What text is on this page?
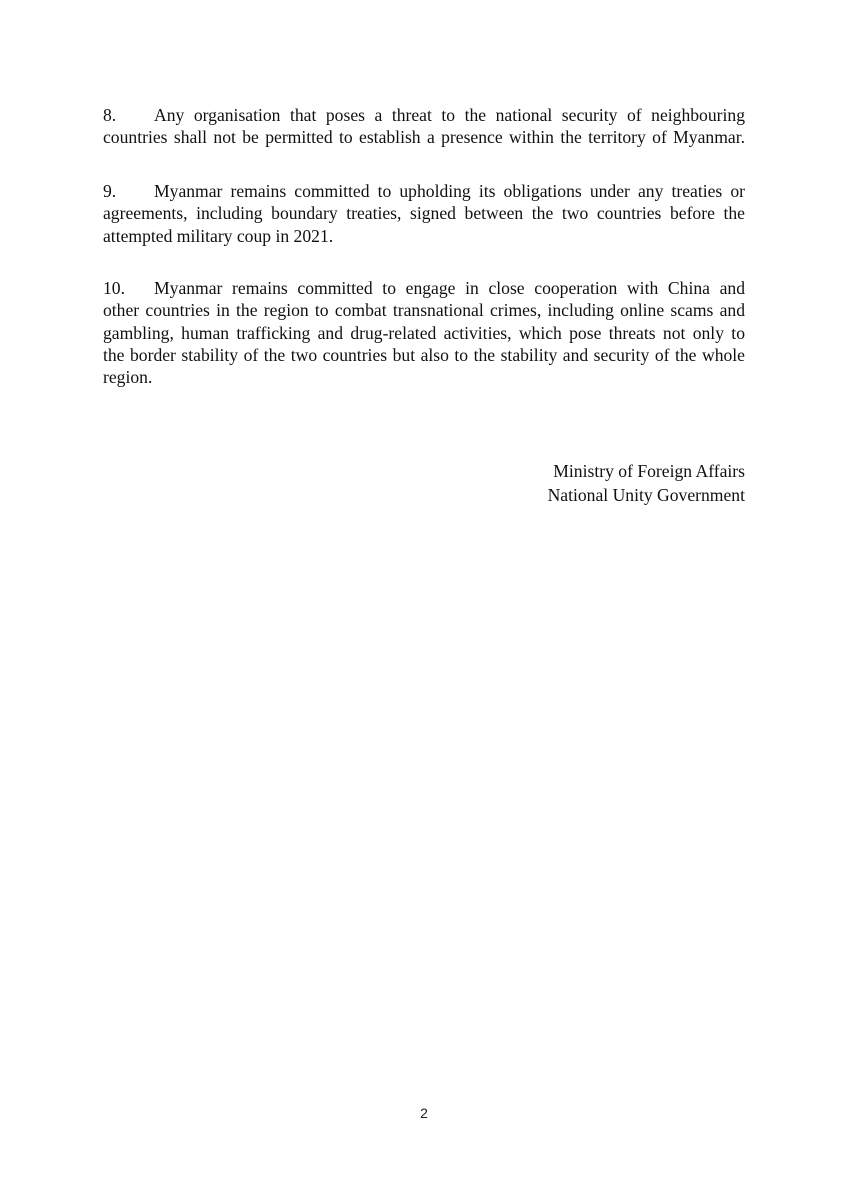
8. Any organisation that poses a threat to the national security of neighbouring
countries shall not be permitted to establish a presence within the territory of Myanmar.
9. Myanmar remains committed to upholding its obligations under any treaties or
agreements, including boundary treaties, signed between the two countries before the
attempted military coup in 2021.
10. Myanmar remains committed to engage in close cooperation with China and
other countries in the region to combat transnational crimes, including online scams and
gambling, human trafficking and drug-related activities, which pose threats not only to
the border stability of the two countries but also to the stability and security of the whole
region.
Ministry of Foreign Affairs
National Unity Government
2
